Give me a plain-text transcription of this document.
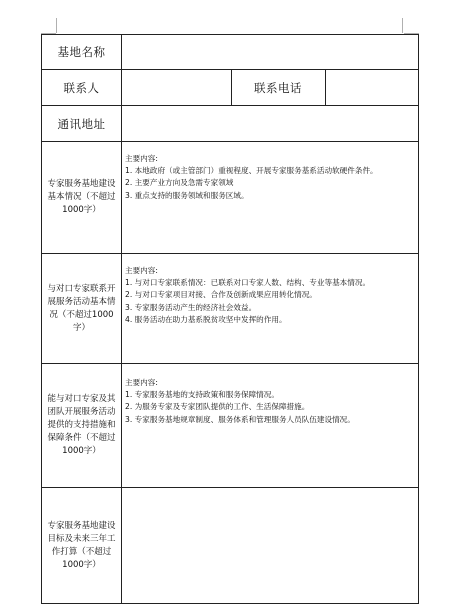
基地名称
联系人	联系电话
通讯地址
专家服务基地建设基本情况（不超过1000字）
主要内容:
1. 本地政府（或主管部门）重视程度、开展专家服务基系活动软硬件条件。
2. 主要产业方向及急需专家领域
3. 重点支持的服务领域和服务区域。
与对口专家联系开展服务活动基本情况（不超过1000字）
主要内容:
1. 与对口专家联系情况：已联系对口专家人数、结构、专业等基本情况。
2. 与对口专家项目对接、合作及创新成果应用转化情况。
3. 专家服务活动产生的经济社会效益。
4. 服务活动在助力基系脱贫攻坚中发挥的作用。
能与对口专家及其团队开展服务活动提供的支持措施和保障条件（不超过1000字）
主要内容:
1. 专家服务基地的支持政策和服务保障情况。
2. 为服务专家及专家团队提供的工作、生活保障措施。
3. 专家服务基地规章制度、服务体系和管理服务人员队伍建设情况。
专家服务基地建设目标及未来三年工作打算（不超过1000字）
